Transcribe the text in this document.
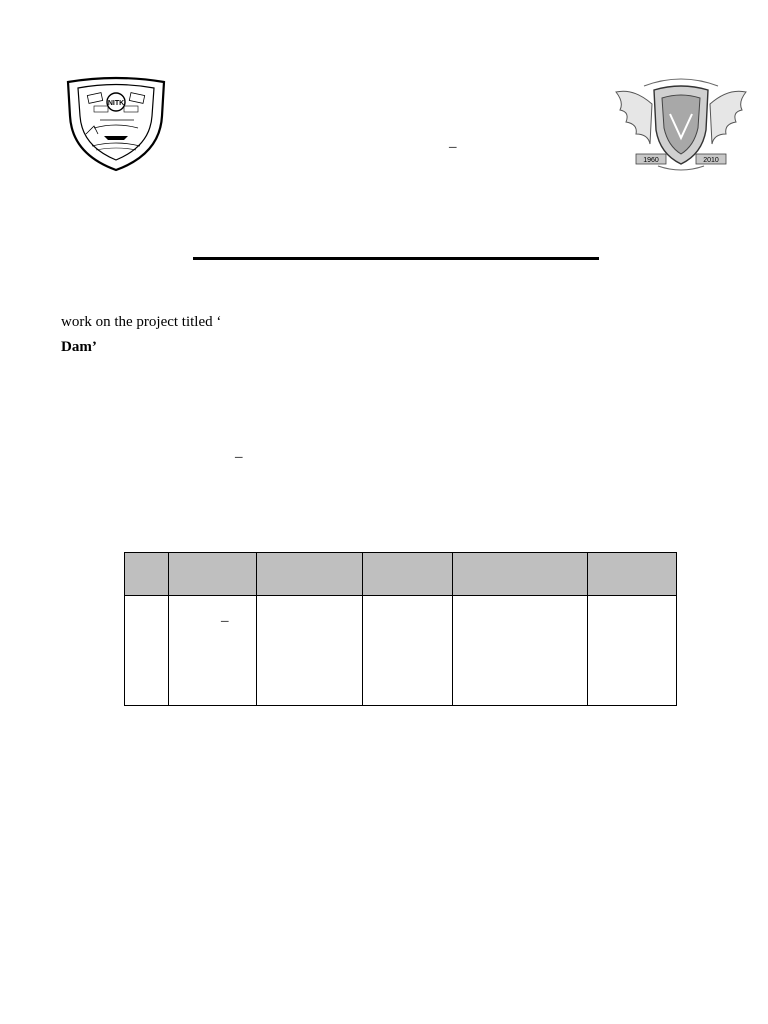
NITK
–
1960	2010
work on the project titled ‘
Dam’
–

–
